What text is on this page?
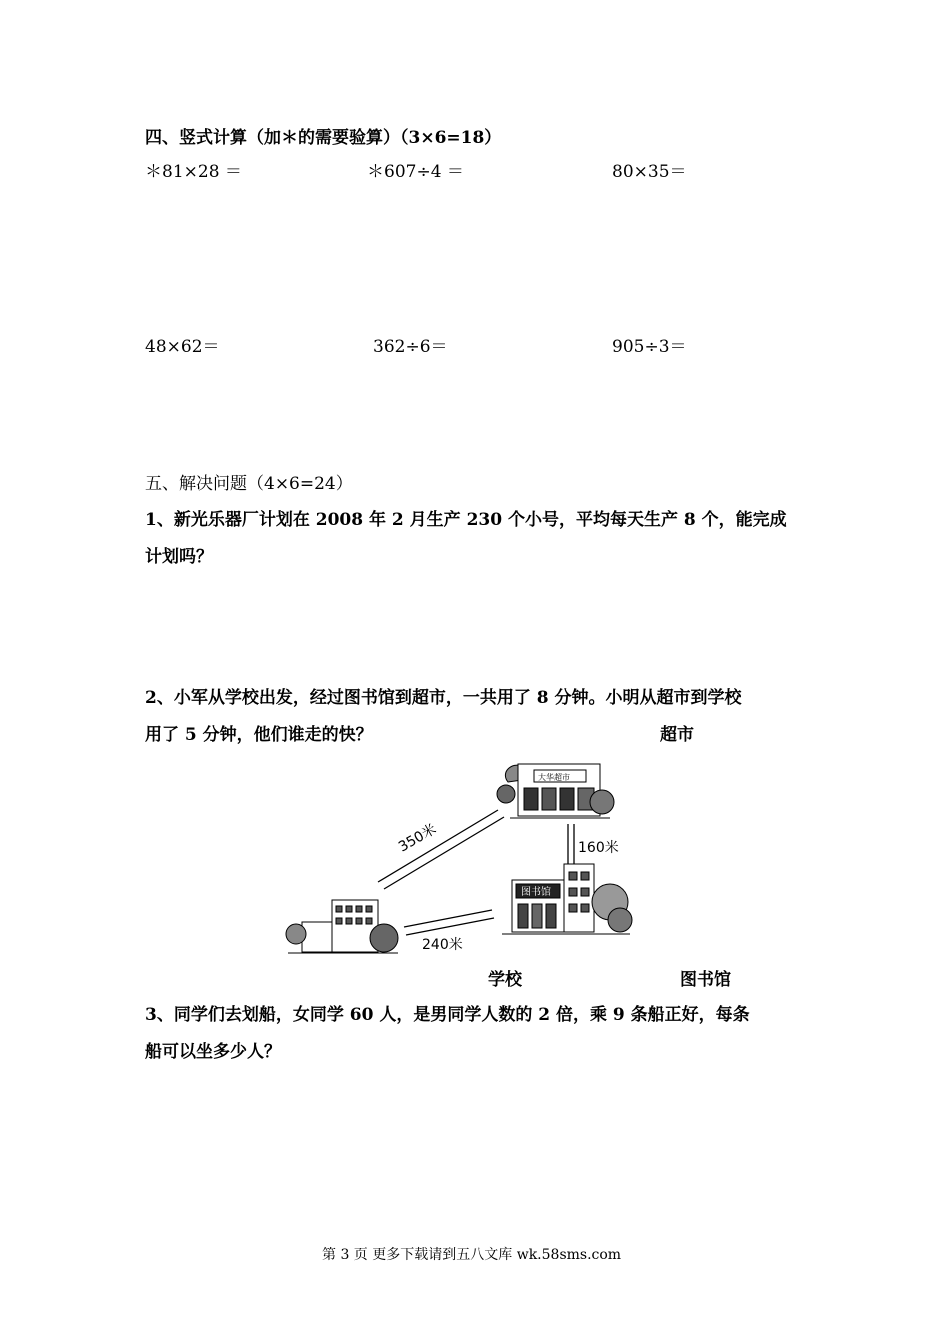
四、竖式计算（加＊的需要验算）（3×6=18）
＊81×28 ＝	＊607÷4 ＝	80×35＝
48×62＝	362÷6＝	905÷3＝
五、解决问题（4×6=24）
1、新光乐器厂计划在 2008 年 2 月生产 230 个小号，平均每天生产 8 个，能完成
计划吗？
2、小军从学校出发，经过图书馆到超市，一共用了 8 分钟。小明从超市到学校
用了 5 分钟，他们谁走的快？	超市
350米	160米
240米
大华超市
图书馆
学校	图书馆
3、同学们去划船，女同学 60 人，是男同学人数的 2 倍，乘 9 条船正好，每条
船可以坐多少人？
第 3 页 更多下载请到五八文库 wk.58sms.com
